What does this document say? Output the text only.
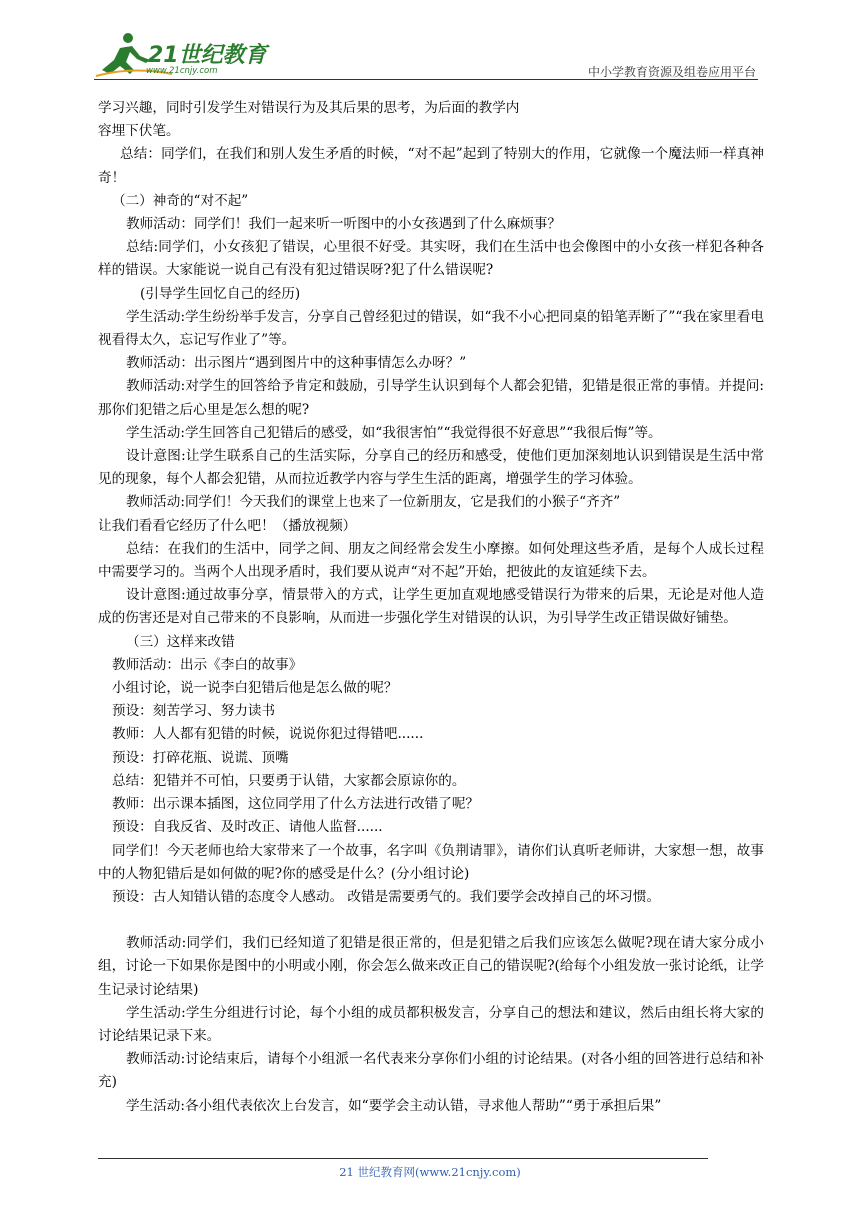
21世纪教育
www.21cnjy.com	中小学教育资源及组卷应用平台

学习兴趣，同时引发学生对错误行为及其后果的思考，为后面的教学内

容埋下伏笔。

总结：同学们，在我们和别人发生矛盾的时候，“对不起”起到了特别大的作用，它就像一个魔法师一样真神奇！

（二）神奇的“对不起”

教师活动：同学们！我们一起来听一听图中的小女孩遇到了什么麻烦事？

总结:同学们，小女孩犯了错误，心里很不好受。其实呀，我们在生活中也会像图中的小女孩一样犯各种各样的错误。大家能说一说自己有没有犯过错误呀?犯了什么错误呢?

(引导学生回忆自己的经历)

学生活动:学生纷纷举手发言，分享自己曾经犯过的错误，如“我不小心把同桌的铅笔弄断了”“我在家里看电视看得太久，忘记写作业了”等。

教师活动：出示图片“遇到图片中的这种事情怎么办呀？”

教师活动:对学生的回答给予肯定和鼓励，引导学生认识到每个人都会犯错，犯错是很正常的事情。并提问:那你们犯错之后心里是怎么想的呢?

学生活动:学生回答自己犯错后的感受，如“我很害怕”“我觉得很不好意思”“我很后悔”等。

设计意图:让学生联系自己的生活实际，分享自己的经历和感受，使他们更加深刻地认识到错误是生活中常见的现象，每个人都会犯错，从而拉近教学内容与学生生活的距离，增强学生的学习体验。

教师活动:同学们！今天我们的课堂上也来了一位新朋友，它是我们的小猴子“齐齐”

让我们看看它经历了什么吧！（播放视频）

总结：在我们的生活中，同学之间、朋友之间经常会发生小摩擦。如何处理这些矛盾，是每个人成长过程中需要学习的。当两个人出现矛盾时，我们要从说声“对不起”开始，把彼此的友谊延续下去。

设计意图:通过故事分享，情景带入的方式，让学生更加直观地感受错误行为带来的后果，无论是对他人造成的伤害还是对自己带来的不良影响，从而进一步强化学生对错误的认识，为引导学生改正错误做好铺垫。

（三）这样来改错

教师活动：出示《李白的故事》

小组讨论，说一说李白犯错后他是怎么做的呢？

预设：刻苦学习、努力读书

教师：人人都有犯错的时候，说说你犯过得错吧......

预设：打碎花瓶、说谎、顶嘴

总结：犯错并不可怕，只要勇于认错，大家都会原谅你的。

教师：出示课本插图，这位同学用了什么方法进行改错了呢？

预设：自我反省、及时改正、请他人监督......

同学们！今天老师也给大家带来了一个故事，名字叫《负荆请罪》，请你们认真听老师讲，大家想一想，故事中的人物犯错后是如何做的呢?你的感受是什么？(分小组讨论)

预设：古人知错认错的态度令人感动。 改错是需要勇气的。我们要学会改掉自己的坏习惯。

教师活动:同学们，我们已经知道了犯错是很正常的，但是犯错之后我们应该怎么做呢?现在请大家分成小组，讨论一下如果你是图中的小明或小刚，你会怎么做来改正自己的错误呢?(给每个小组发放一张讨论纸，让学生记录讨论结果)

学生活动:学生分组进行讨论，每个小组的成员都积极发言，分享自己的想法和建议，然后由组长将大家的讨论结果记录下来。

教师活动:讨论结束后，请每个小组派一名代表来分享你们小组的讨论结果。(对各小组的回答进行总结和补充)

学生活动:各小组代表依次上台发言，如“要学会主动认错，寻求他人帮助”“勇于承担后果”

21 世纪教育网(www.21cnjy.com)
